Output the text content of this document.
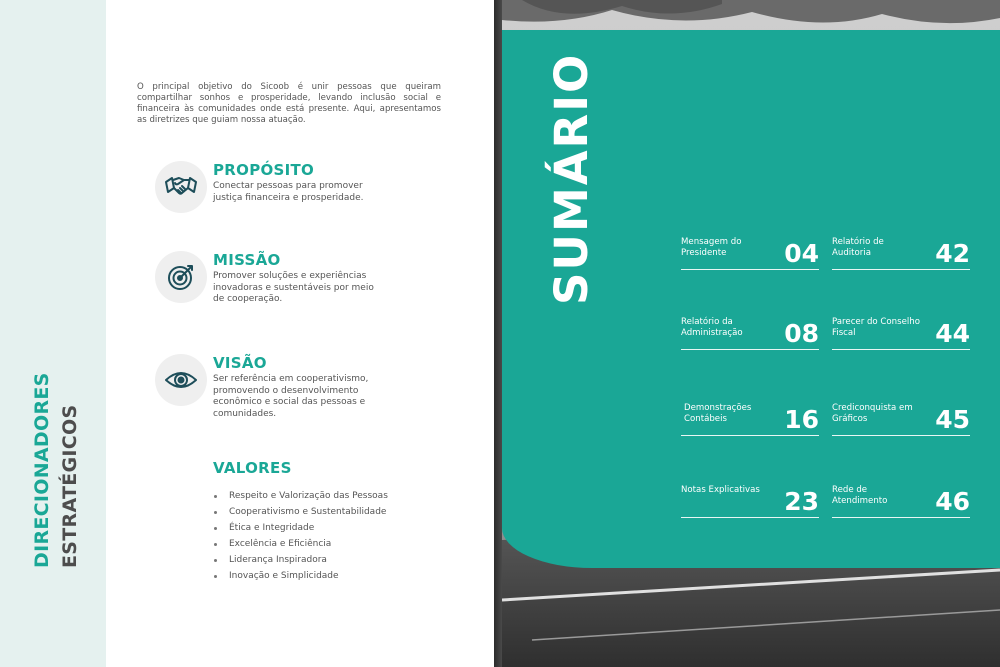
DIRECIONADORES ESTRATÉGICOS

O principal objetivo do Sicoob é unir pessoas que queiram compartilhar sonhos e prosperidade, levando inclusão social e financeira às comunidades onde está presente. Aqui, apresentamos as diretrizes que guiam nossa atuação.

PROPÓSITO
Conectar pessoas para promover justiça financeira e prosperidade.
MISSÃO
Promover soluções e experiências inovadoras e sustentáveis por meio de cooperação.
VISÃO
Ser referência em cooperativismo, promovendo o desenvolvimento econômico e social das pessoas e comunidades.
VALORES
Respeito e Valorização das Pessoas
Cooperativismo e Sustentabilidade
Ética e Integridade
Excelência e Eficiência
Liderança Inspiradora
Inovação e Simplicidade
SUMÁRIO	Mensagem do Presidente	04 Relatório de Auditoria	42
Relatório da Administração	08 Parecer do Conselho Fiscal	44
Demonstrações Contábeis	16 Crediconquista em Gráficos	45
Notas Explicativas 23 Rede de Atendimento	46
